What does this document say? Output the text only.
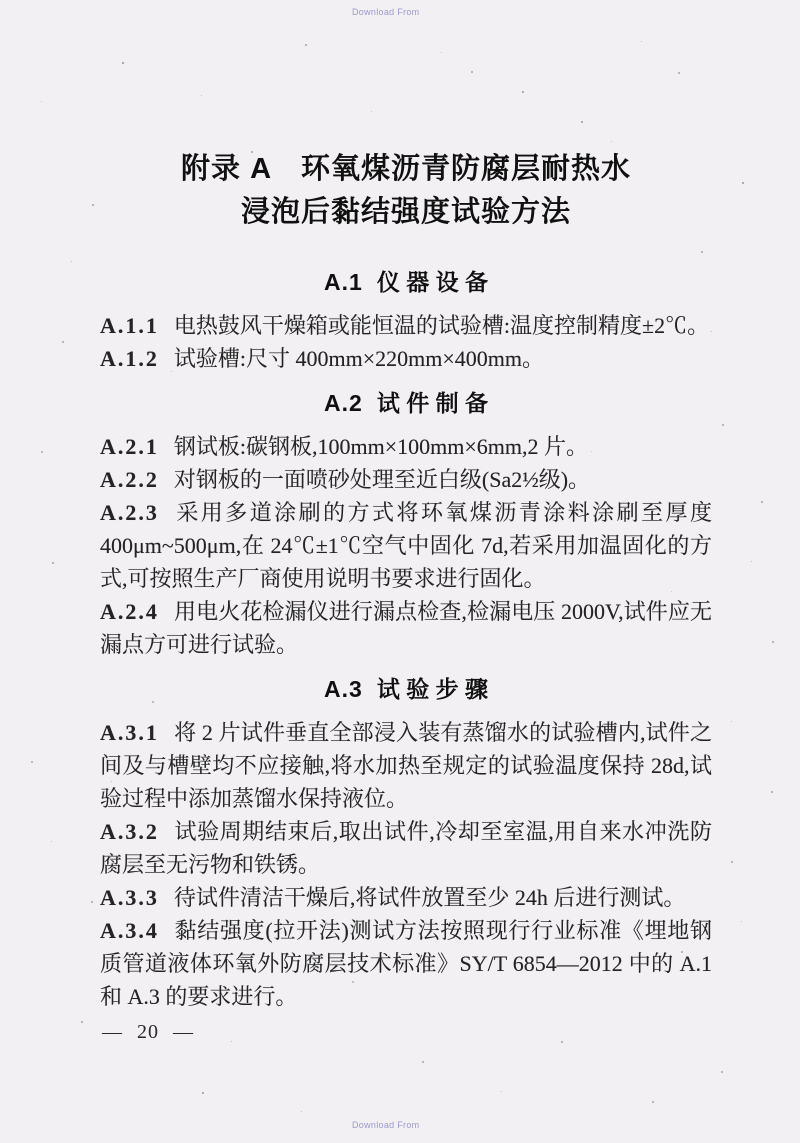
Download From
附录 A　环氧煤沥青防腐层耐热水
浸泡后黏结强度试验方法
A.1 仪 器 设 备

A.1.1 电热鼓风干燥箱或能恒温的试验槽:温度控制精度±2℃。

A.1.2 试验槽:尺寸 400mm×220mm×400mm。

A.2 试 件 制 备

A.2.1 钢试板:碳钢板,100mm×100mm×6mm,2 片。

A.2.2 对钢板的一面喷砂处理至近白级(Sa2½级)。

A.2.3 采用多道涂刷的方式将环氧煤沥青涂料涂刷至厚度 400μm~500μm,在 24℃±1℃空气中固化 7d,若采用加温固化的方式,可按照生产厂商使用说明书要求进行固化。

A.2.4 用电火花检漏仪进行漏点检查,检漏电压 2000V,试件应无漏点方可进行试验。

A.3 试 验 步 骤

A.3.1 将 2 片试件垂直全部浸入装有蒸馏水的试验槽内,试件之间及与槽壁均不应接触,将水加热至规定的试验温度保持 28d,试验过程中添加蒸馏水保持液位。

A.3.2 试验周期结束后,取出试件,冷却至室温,用自来水冲洗防腐层至无污物和铁锈。

A.3.3 待试件清洁干燥后,将试件放置至少 24h 后进行测试。

A.3.4 黏结强度(拉开法)测试方法按照现行行业标准《埋地钢质管道液体环氧外防腐层技术标准》SY/T 6854—2012 中的 A.1 和 A.3 的要求进行。

— 20 —
Download From
